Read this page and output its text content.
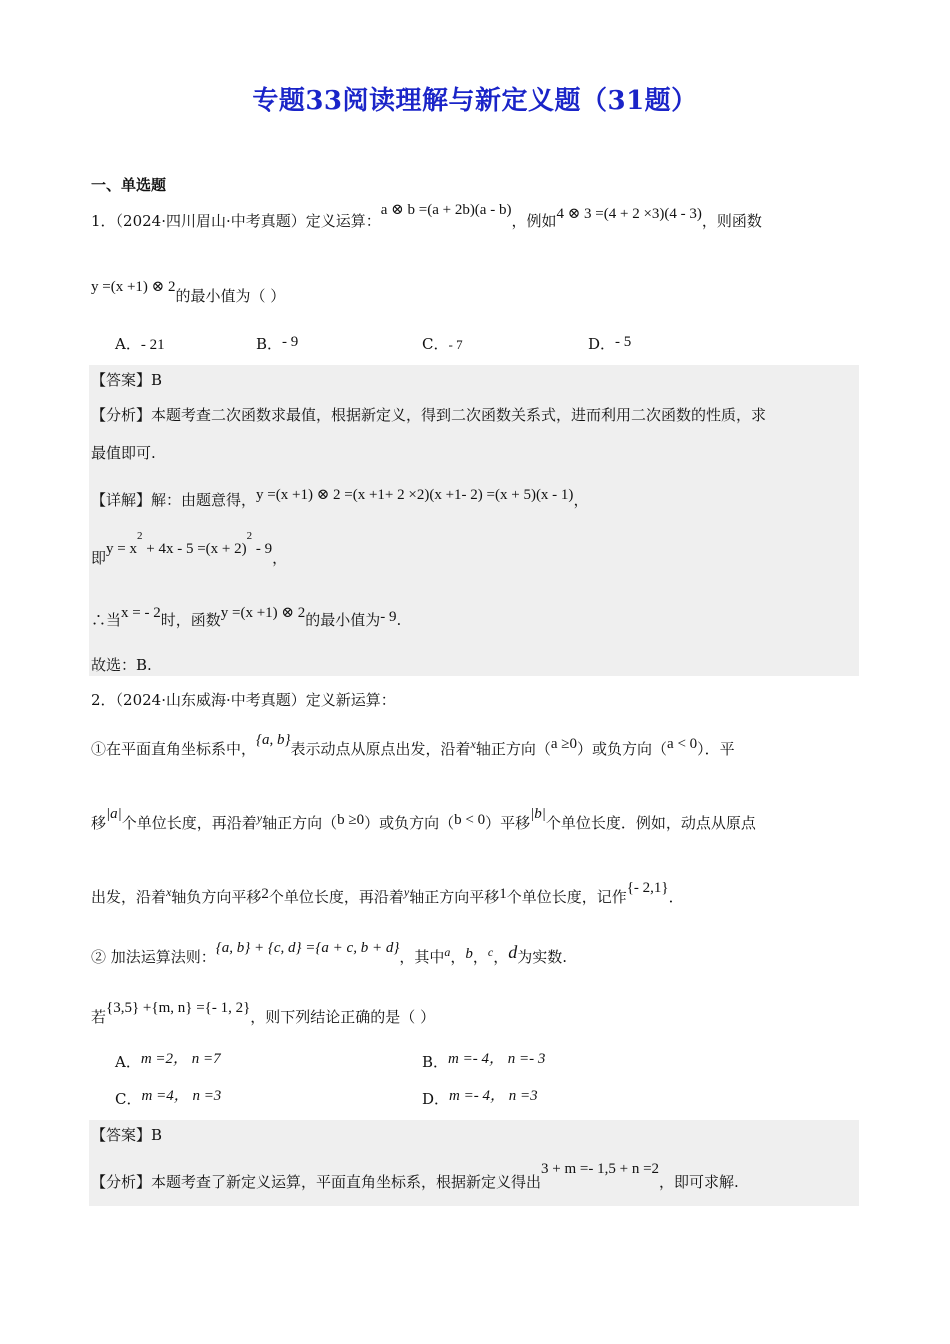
专题33阅读理解与新定义题（31题）
一、单选题
1．（2024·四川眉山·中考真题）定义运算：a ⊗ b =(a + 2b)(a - b)，例如4 ⊗ 3 =(4 + 2 ×3)(4 - 3)，则函数
y =(x +1) ⊗ 2的最小值为（ ）
A．- 21	B．- 9	C．- 7	D．- 5
【答案】B
【分析】本题考查二次函数求最值，根据新定义，得到二次函数关系式，进而利用二次函数的性质，求
最值即可.
【详解】解：由题意得，y =(x +1) ⊗ 2 =(x +1+ 2 ×2)(x +1- 2) =(x + 5)(x - 1)，
即$y = x^2 + 4x - 5 =(x + 2)^2 - 9$，
∴当x = - 2时，函数y =(x +1) ⊗ 2的最小值为- 9.
故选：B.
2．（2024·山东威海·中考真题）定义新运算：
①在平面直角坐标系中，{a, b}表示动点从原点出发，沿着$^x$轴正方向（a ≥0）或负方向（a < 0）．平
移|a|个单位长度，再沿着$^y$轴正方向（b ≥0）或负方向（b < 0）平移|b|个单位长度．例如，动点从原点
出发，沿着$^x$轴负方向平移2个单位长度，再沿着$^y$轴正方向平移1个单位长度，记作{- 2,1}．
② 加法运算法则：{a, b} + {c, d} ={a + c, b + d}，其中$^a$，b，$^c$，d为实数.
若{3,5} +{m, n} ={- 1, 2}，则下列结论正确的是（ ）
A．m =2， n =7	B．m =- 4， n =- 3
C．m =4， n =3	D．m =- 4， n =3
【答案】B
【分析】本题考查了新定义运算，平面直角坐标系，根据新定义得出3 + m =- 1,5 + n =2，即可求解.
